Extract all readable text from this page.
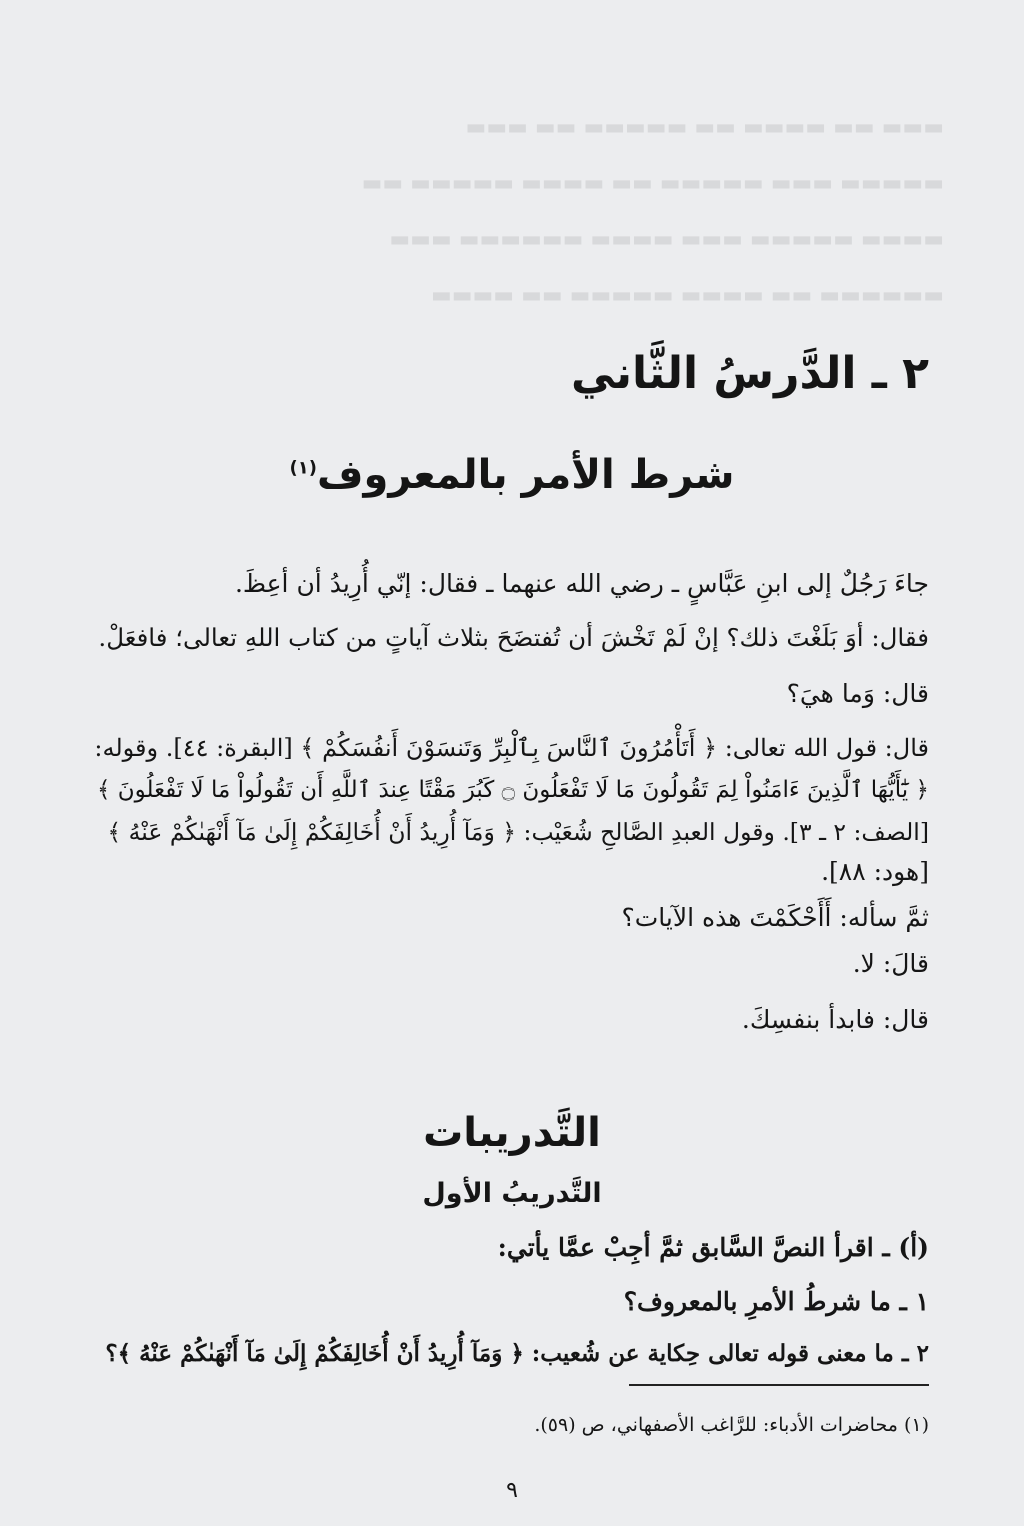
▬▬▬ ▬▬ ▬▬▬▬ ▬▬ ▬▬▬▬▬ ▬▬ ▬▬▬
▬▬▬▬▬ ▬▬▬ ▬▬▬▬▬ ▬▬ ▬▬▬▬ ▬▬▬▬▬ ▬▬
▬▬▬▬ ▬▬▬▬▬ ▬▬▬ ▬▬▬▬ ▬▬▬▬▬▬ ▬▬▬
▬▬▬▬▬▬ ▬▬ ▬▬▬▬ ▬▬▬▬▬ ▬▬ ▬▬▬▬
٢ ـ الدَّرسُ الثَّاني
شرط الأمر بالمعروف$^{(١)}$
جاءَ رَجُلٌ إلى ابنِ عَبَّاسٍ ـ رضي الله عنهما ـ فقال: إنّي أُرِيدُ أن أعِظَ.
فقال: أوَ بَلَغْتَ ذلك؟ إنْ لَمْ تَخْشَ أن تُفتضَحَ بثلاث آياتٍ من كتاب اللهِ تعالى؛ فافعَلْ.
قال: وَما هيَ؟
قال: قول الله تعالى: ﴿ أَتَأْمُرُونَ ٱلنَّاسَ بِٱلْبِرِّ وَتَنسَوْنَ أَنفُسَكُمْ ﴾ [البقرة: ٤٤]. وقوله:
﴿ يَٰٓأَيُّهَا ٱلَّذِينَ ءَامَنُواْ لِمَ تَقُولُونَ مَا لَا تَفْعَلُونَ ۝ كَبُرَ مَقْتًا عِندَ ٱللَّهِ أَن تَقُولُواْ مَا لَا تَفْعَلُونَ ﴾
[الصف: ٢ ـ ٣]. وقول العبدِ الصَّالحِ شُعَيْب: ﴿ وَمَآ أُرِيدُ أَنْ أُخَالِفَكُمْ إِلَىٰ مَآ أَنْهَىٰكُمْ عَنْهُ ﴾
[هود: ٨٨].
ثمَّ سأله: أَأَحْكَمْتَ هذه الآيات؟
قالَ: لا.
قال: فابدأ بنفسِكَ.
التَّدريبات
التَّدريبُ الأول
(أ) ـ اقرأ النصَّ السَّابق ثمَّ أجِبْ عمَّا يأتي:
١ ـ ما شرطُ الأمرِ بالمعروف؟
٢ ـ ما معنى قوله تعالى حِكاية عن شُعيب: ﴿ وَمَآ أُرِيدُ أَنْ أُخَالِفَكُمْ إِلَىٰ مَآ أَنْهَىٰكُمْ عَنْهُ ﴾؟
(١) محاضرات الأدباء: للرَّاغب الأصفهاني، ص (٥٩).
٩
